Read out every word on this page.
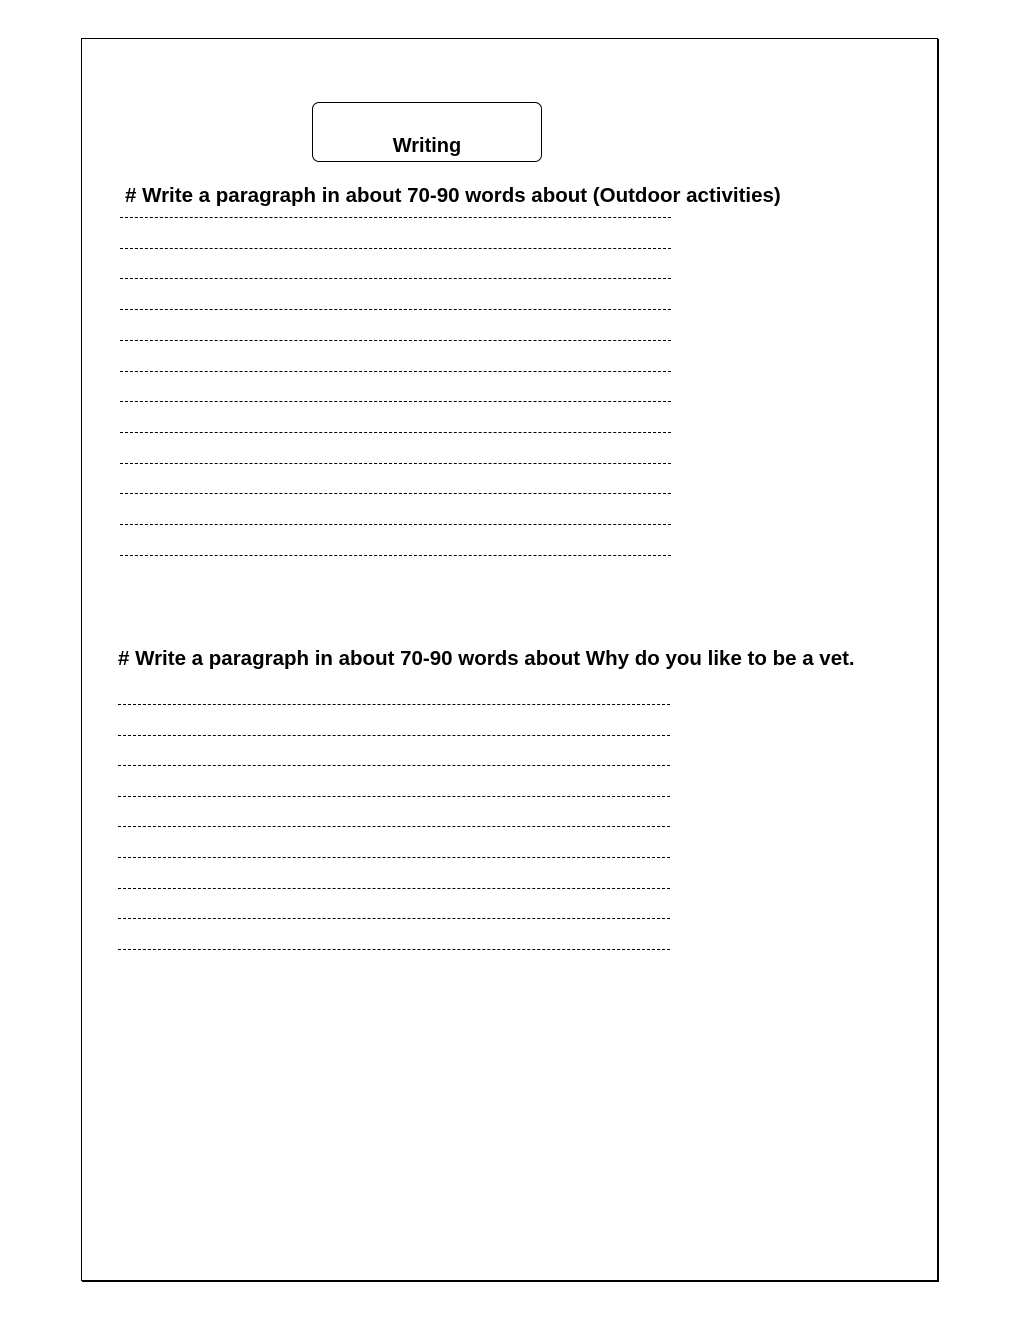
Writing

# Write a paragraph in about 70-90 words about (Outdoor activities)

# Write a paragraph in about 70-90 words about Why do you like to be a vet.
